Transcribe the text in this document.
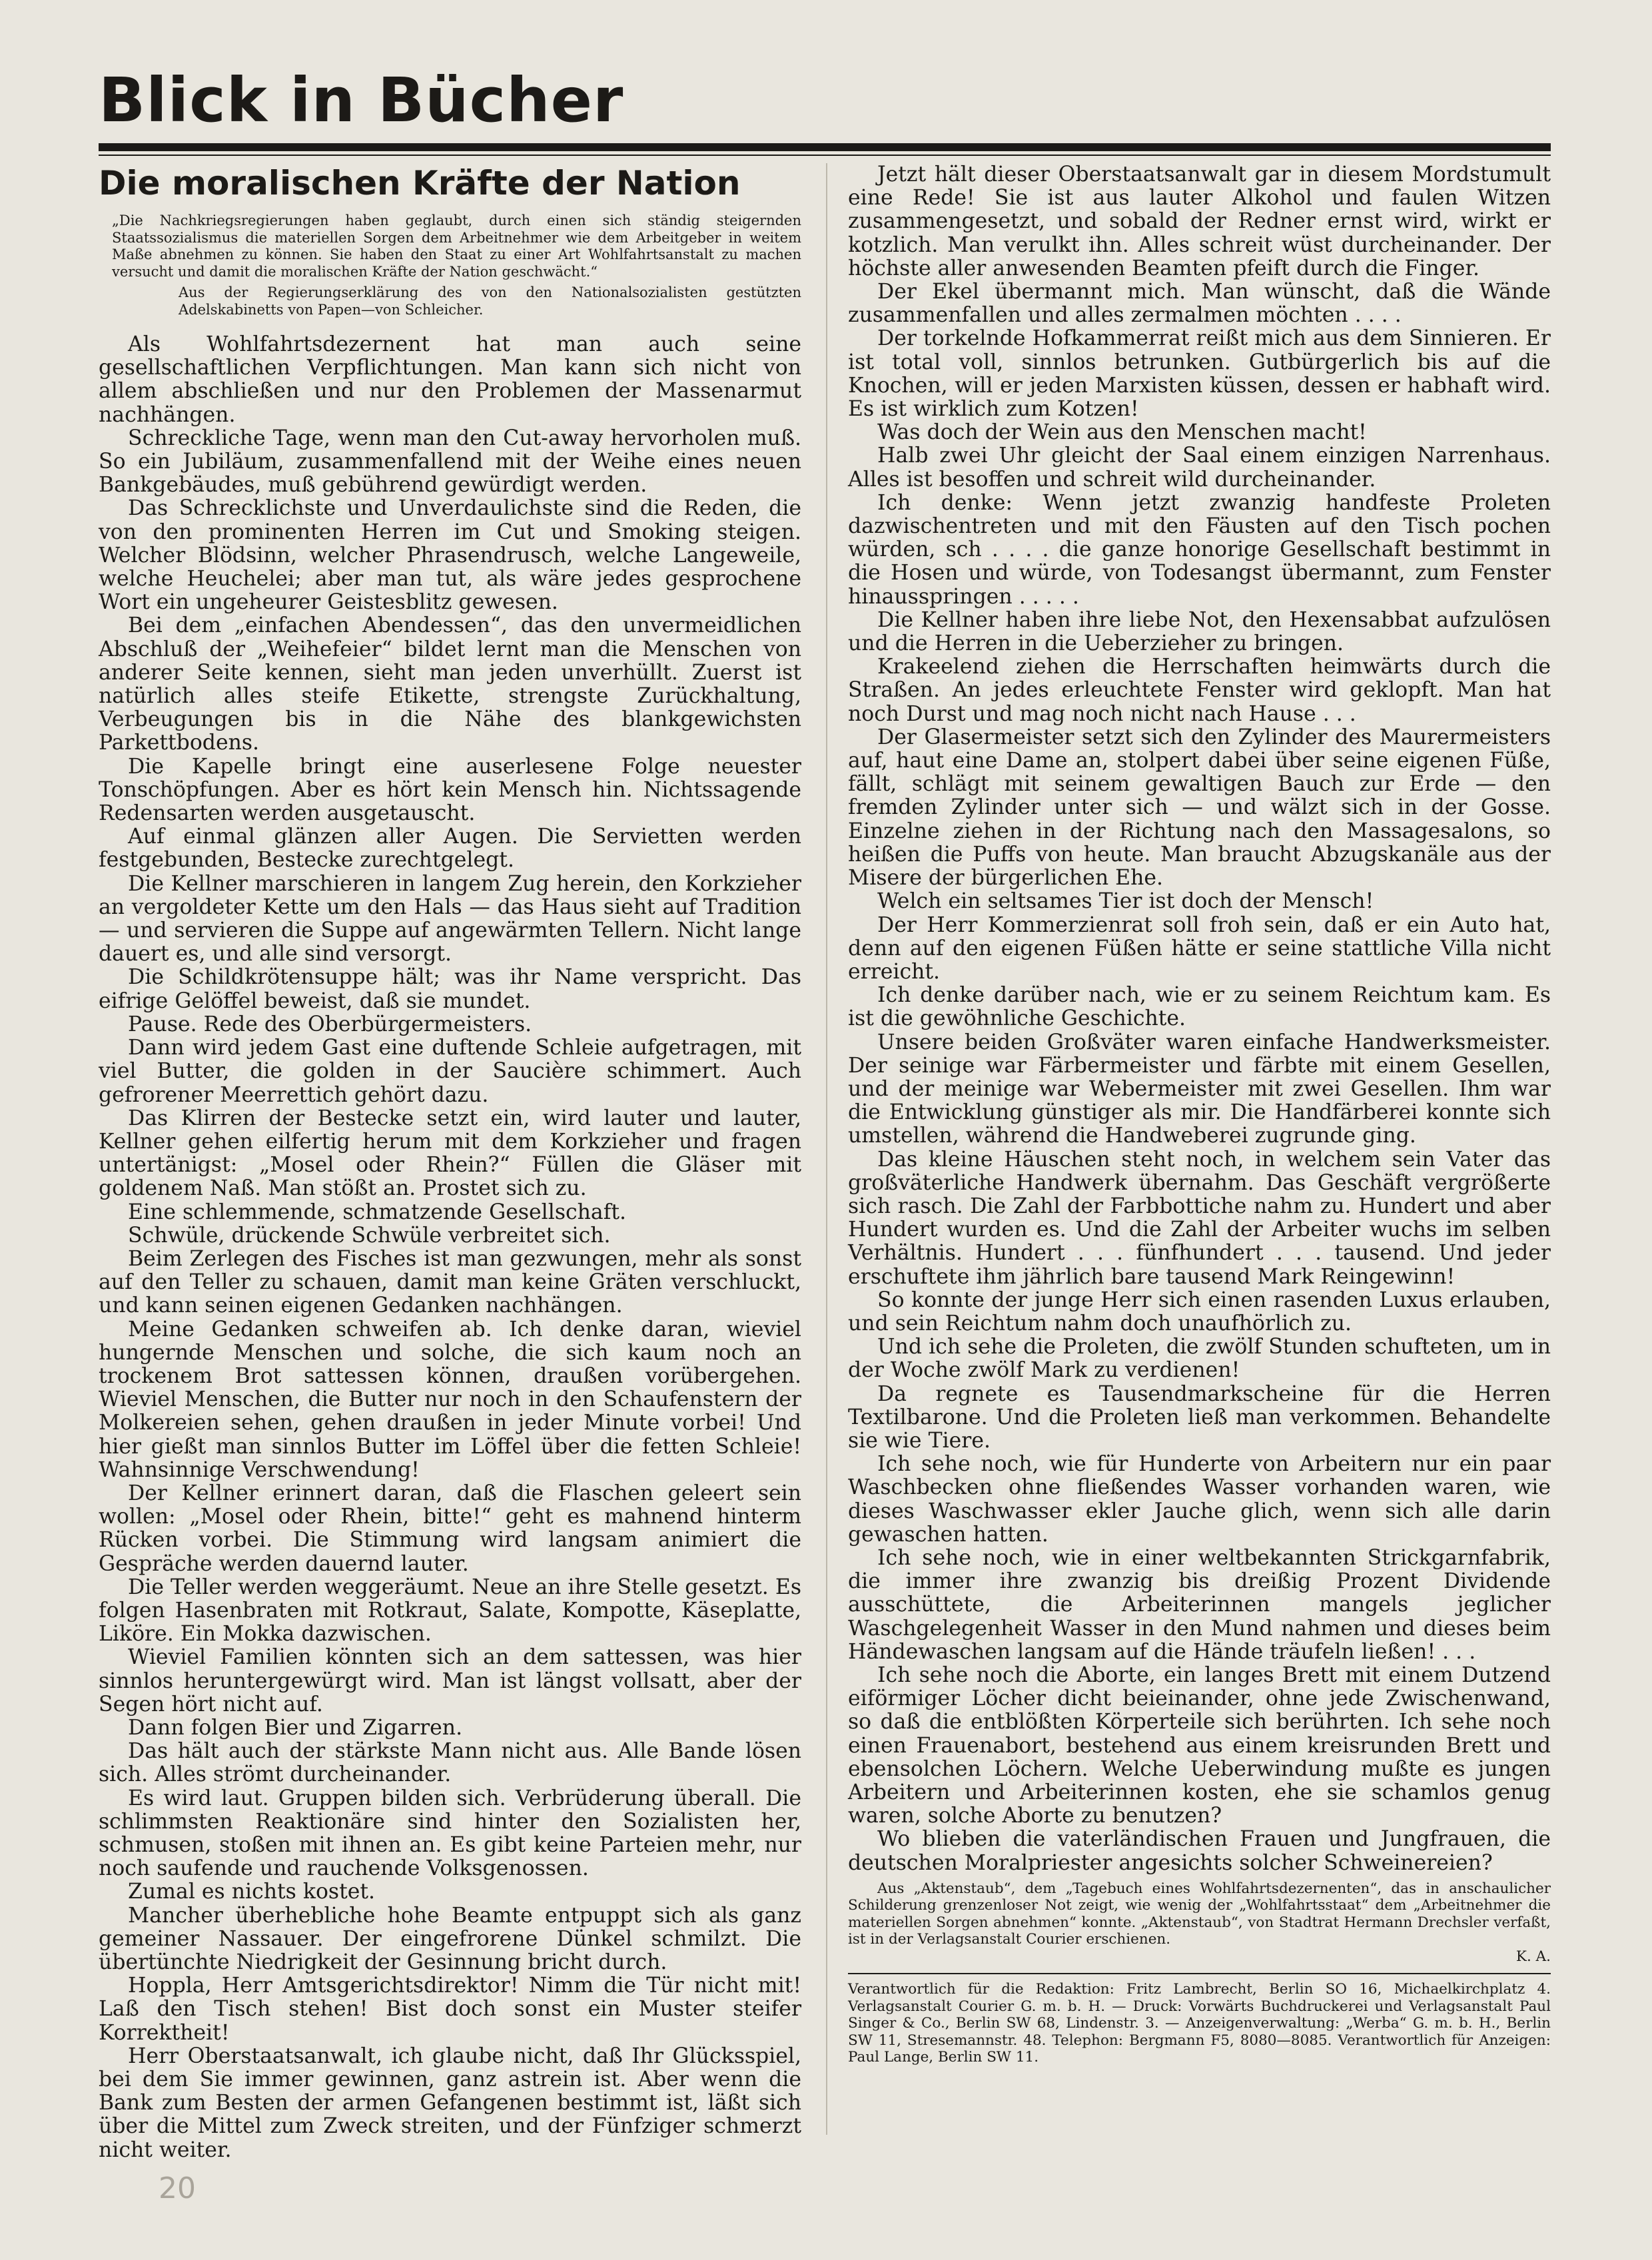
Blick in Bücher
Die moralischen Kräfte der Nation
„Die Nachkriegsregierungen haben geglaubt, durch einen sich ständig steigernden Staatssozialismus die materiellen Sorgen dem Arbeitnehmer wie dem Arbeitgeber in weitem Maße abnehmen zu können. Sie haben den Staat zu einer Art Wohlfahrtsanstalt zu machen versucht und damit die moralischen Kräfte der Nation geschwächt.“
Aus der Regierungserklärung des von den Nationalsozialisten gestützten Adelskabinetts von Papen—von Schleicher.

Als Wohlfahrtsdezernent hat man auch seine gesellschaftlichen Verpflichtungen. Man kann sich nicht von allem abschließen und nur den Problemen der Massenarmut nachhängen.

Schreckliche Tage, wenn man den Cut-away hervorholen muß. So ein Jubiläum, zusammenfallend mit der Weihe eines neuen Bankgebäudes, muß gebührend gewürdigt werden.

Das Schrecklichste und Unverdaulichste sind die Reden, die von den prominenten Herren im Cut und Smoking steigen. Welcher Blödsinn, welcher Phrasendrusch, welche Langeweile, welche Heuchelei; aber man tut, als wäre jedes gesprochene Wort ein ungeheurer Geistesblitz gewesen.

Bei dem „einfachen Abendessen“, das den unvermeidlichen Abschluß der „Weihefeier“ bildet lernt man die Menschen von anderer Seite kennen, sieht man jeden unverhüllt. Zuerst ist natürlich alles steife Etikette, strengste Zurückhaltung, Verbeugungen bis in die Nähe des blankgewichsten Parkettbodens.

Die Kapelle bringt eine auserlesene Folge neuester Tonschöpfungen. Aber es hört kein Mensch hin. Nichtssagende Redensarten werden ausgetauscht.

Auf einmal glänzen aller Augen. Die Servietten werden festgebunden, Bestecke zurechtgelegt.

Die Kellner marschieren in langem Zug herein, den Korkzieher an vergoldeter Kette um den Hals — das Haus sieht auf Tradition — und servieren die Suppe auf angewärmten Tellern. Nicht lange dauert es, und alle sind versorgt.

Die Schildkrötensuppe hält; was ihr Name verspricht. Das eifrige Gelöffel beweist, daß sie mundet.

Pause. Rede des Oberbürgermeisters.

Dann wird jedem Gast eine duftende Schleie aufgetragen, mit viel Butter, die golden in der Saucière schimmert. Auch gefrorener Meerrettich gehört dazu.

Das Klirren der Bestecke setzt ein, wird lauter und lauter, Kellner gehen eilfertig herum mit dem Korkzieher und fragen untertänigst: „Mosel oder Rhein?“ Füllen die Gläser mit goldenem Naß. Man stößt an. Prostet sich zu.

Eine schlemmende, schmatzende Gesellschaft.

Schwüle, drückende Schwüle verbreitet sich.

Beim Zerlegen des Fisches ist man gezwungen, mehr als sonst auf den Teller zu schauen, damit man keine Gräten verschluckt, und kann seinen eigenen Gedanken nachhängen.

Meine Gedanken schweifen ab. Ich denke daran, wieviel hungernde Menschen und solche, die sich kaum noch an trockenem Brot sattessen können, draußen vorübergehen. Wieviel Menschen, die Butter nur noch in den Schaufenstern der Molkereien sehen, gehen draußen in jeder Minute vorbei! Und hier gießt man sinnlos Butter im Löffel über die fetten Schleie! Wahnsinnige Verschwendung!

Der Kellner erinnert daran, daß die Flaschen geleert sein wollen: „Mosel oder Rhein, bitte!“ geht es mahnend hinterm Rücken vorbei. Die Stimmung wird langsam animiert die Gespräche werden dauernd lauter.

Die Teller werden weggeräumt. Neue an ihre Stelle gesetzt. Es folgen Hasenbraten mit Rotkraut, Salate, Kompotte, Käseplatte, Liköre. Ein Mokka dazwischen.

Wieviel Familien könnten sich an dem sattessen, was hier sinnlos heruntergewürgt wird. Man ist längst vollsatt, aber der Segen hört nicht auf.

Dann folgen Bier und Zigarren.

Das hält auch der stärkste Mann nicht aus. Alle Bande lösen sich. Alles strömt durcheinander.

Es wird laut. Gruppen bilden sich. Verbrüderung überall. Die schlimmsten Reaktionäre sind hinter den Sozialisten her, schmusen, stoßen mit ihnen an. Es gibt keine Parteien mehr, nur noch saufende und rauchende Volksgenossen.

Zumal es nichts kostet.

Mancher überhebliche hohe Beamte entpuppt sich als ganz gemeiner Nassauer. Der eingefrorene Dünkel schmilzt. Die übertünchte Niedrigkeit der Gesinnung bricht durch.

Hoppla, Herr Amtsgerichtsdirektor! Nimm die Tür nicht mit! Laß den Tisch stehen! Bist doch sonst ein Muster steifer Korrektheit!

Herr Oberstaatsanwalt, ich glaube nicht, daß Ihr Glücksspiel, bei dem Sie immer gewinnen, ganz astrein ist. Aber wenn die Bank zum Besten der armen Gefangenen bestimmt ist, läßt sich über die Mittel zum Zweck streiten, und der Fünfziger schmerzt nicht weiter.

Jetzt hält dieser Oberstaatsanwalt gar in diesem Mordstumult eine Rede! Sie ist aus lauter Alkohol und faulen Witzen zusammengesetzt, und sobald der Redner ernst wird, wirkt er kotzlich. Man verulkt ihn. Alles schreit wüst durcheinander. Der höchste aller anwesenden Beamten pfeift durch die Finger.

Der Ekel übermannt mich. Man wünscht, daß die Wände zusammenfallen und alles zermalmen möchten . . . .

Der torkelnde Hofkammerrat reißt mich aus dem Sinnieren. Er ist total voll, sinnlos betrunken. Gutbürgerlich bis auf die Knochen, will er jeden Marxisten küssen, dessen er habhaft wird. Es ist wirklich zum Kotzen!

Was doch der Wein aus den Menschen macht!

Halb zwei Uhr gleicht der Saal einem einzigen Narrenhaus. Alles ist besoffen und schreit wild durcheinander.

Ich denke: Wenn jetzt zwanzig handfeste Proleten dazwischentreten und mit den Fäusten auf den Tisch pochen würden, sch . . . . die ganze honorige Gesellschaft bestimmt in die Hosen und würde, von Todesangst übermannt, zum Fenster hinausspringen . . . . .

Die Kellner haben ihre liebe Not, den Hexensabbat aufzulösen und die Herren in die Ueberzieher zu bringen.

Krakeelend ziehen die Herrschaften heimwärts durch die Straßen. An jedes erleuchtete Fenster wird geklopft. Man hat noch Durst und mag noch nicht nach Hause . . .

Der Glasermeister setzt sich den Zylinder des Maurermeisters auf, haut eine Dame an, stolpert dabei über seine eigenen Füße, fällt, schlägt mit seinem gewaltigen Bauch zur Erde — den fremden Zylinder unter sich — und wälzt sich in der Gosse. Einzelne ziehen in der Richtung nach den Massagesalons, so heißen die Puffs von heute. Man braucht Abzugskanäle aus der Misere der bürgerlichen Ehe.

Welch ein seltsames Tier ist doch der Mensch!

Der Herr Kommerzienrat soll froh sein, daß er ein Auto hat, denn auf den eigenen Füßen hätte er seine stattliche Villa nicht erreicht.

Ich denke darüber nach, wie er zu seinem Reichtum kam. Es ist die gewöhnliche Geschichte.

Unsere beiden Großväter waren einfache Handwerksmeister. Der seinige war Färbermeister und färbte mit einem Gesellen, und der meinige war Webermeister mit zwei Gesellen. Ihm war die Entwicklung günstiger als mir. Die Handfärberei konnte sich umstellen, während die Handweberei zugrunde ging.

Das kleine Häuschen steht noch, in welchem sein Vater das großväterliche Handwerk übernahm. Das Geschäft vergrößerte sich rasch. Die Zahl der Farbbottiche nahm zu. Hundert und aber Hundert wurden es. Und die Zahl der Arbeiter wuchs im selben Verhältnis. Hundert . . . fünfhundert . . . tausend. Und jeder erschuftete ihm jährlich bare tausend Mark Reingewinn!

So konnte der junge Herr sich einen rasenden Luxus erlauben, und sein Reichtum nahm doch unaufhörlich zu.

Und ich sehe die Proleten, die zwölf Stunden schufteten, um in der Woche zwölf Mark zu verdienen!

Da regnete es Tausendmarkscheine für die Herren Textilbarone. Und die Proleten ließ man verkommen. Behandelte sie wie Tiere.

Ich sehe noch, wie für Hunderte von Arbeitern nur ein paar Waschbecken ohne fließendes Wasser vorhanden waren, wie dieses Waschwasser ekler Jauche glich, wenn sich alle darin gewaschen hatten.

Ich sehe noch, wie in einer weltbekannten Strickgarnfabrik, die immer ihre zwanzig bis dreißig Prozent Dividende ausschüttete, die Arbeiterinnen mangels jeglicher Waschgelegenheit Wasser in den Mund nahmen und dieses beim Händewaschen langsam auf die Hände träufeln ließen! . . .

Ich sehe noch die Aborte, ein langes Brett mit einem Dutzend eiförmiger Löcher dicht beieinander, ohne jede Zwischenwand, so daß die entblößten Körperteile sich berührten. Ich sehe noch einen Frauenabort, bestehend aus einem kreisrunden Brett und ebensolchen Löchern. Welche Ueberwindung mußte es jungen Arbeitern und Arbeiterinnen kosten, ehe sie schamlos genug waren, solche Aborte zu benutzen?

Wo blieben die vaterländischen Frauen und Jungfrauen, die deutschen Moralpriester angesichts solcher Schweinereien?

Aus „Aktenstaub“, dem „Tagebuch eines Wohlfahrtsdezernenten“, das in anschaulicher Schilderung grenzenloser Not zeigt, wie wenig der „Wohlfahrtsstaat“ dem „Arbeitnehmer die materiellen Sorgen abnehmen“ konnte. „Aktenstaub“, von Stadtrat Hermann Drechsler verfaßt, ist in der Verlagsanstalt Courier erschienen.
K. A.

Verantwortlich für die Redaktion: Fritz Lambrecht, Berlin SO 16, Michaelkirchplatz 4. Verlagsanstalt Courier G. m. b. H. — Druck: Vorwärts Buchdruckerei und Verlagsanstalt Paul Singer & Co., Berlin SW 68, Lindenstr. 3. — Anzeigenverwaltung: „Werba“ G. m. b. H., Berlin SW 11, Stresemannstr. 48. Telephon: Bergmann F5, 8080—8085. Verantwortlich für Anzeigen: Paul Lange, Berlin SW 11.

20
